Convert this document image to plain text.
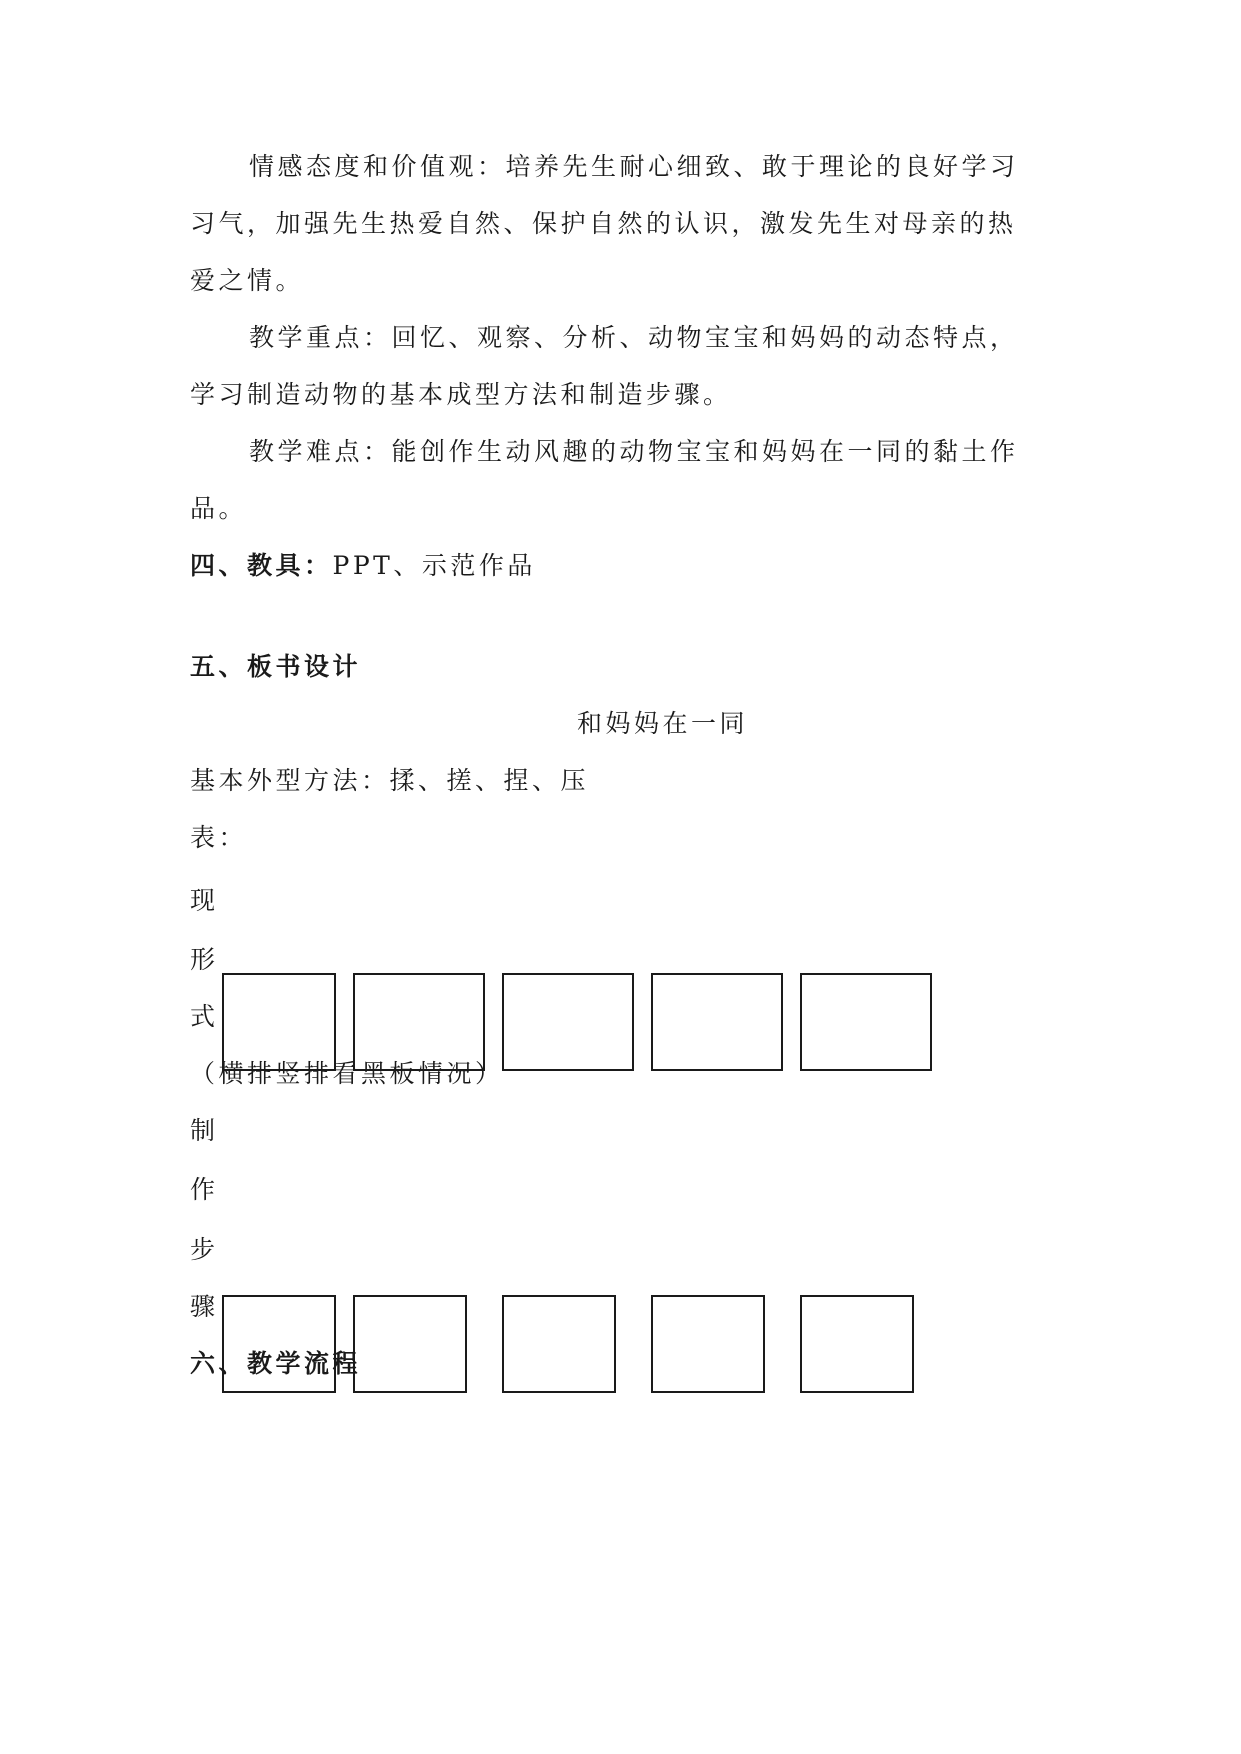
情感态度和价值观：培养先生耐心细致、敢于理论的良好学习
习气，加强先生热爱自然、保护自然的认识，激发先生对母亲的热
爱之情。
教学重点：回忆、观察、分析、动物宝宝和妈妈的动态特点，
学习制造动物的基本成型方法和制造步骤。
教学难点：能创作生动风趣的动物宝宝和妈妈在一同的黏土作
品。
四、教具：PPT、示范作品
五、板书设计
和妈妈在一同
基本外型方法：揉、搓、捏、压
表：
现
形
式
（横排竖排看黑板情况）
制
作
步
骤
六、教学流程
